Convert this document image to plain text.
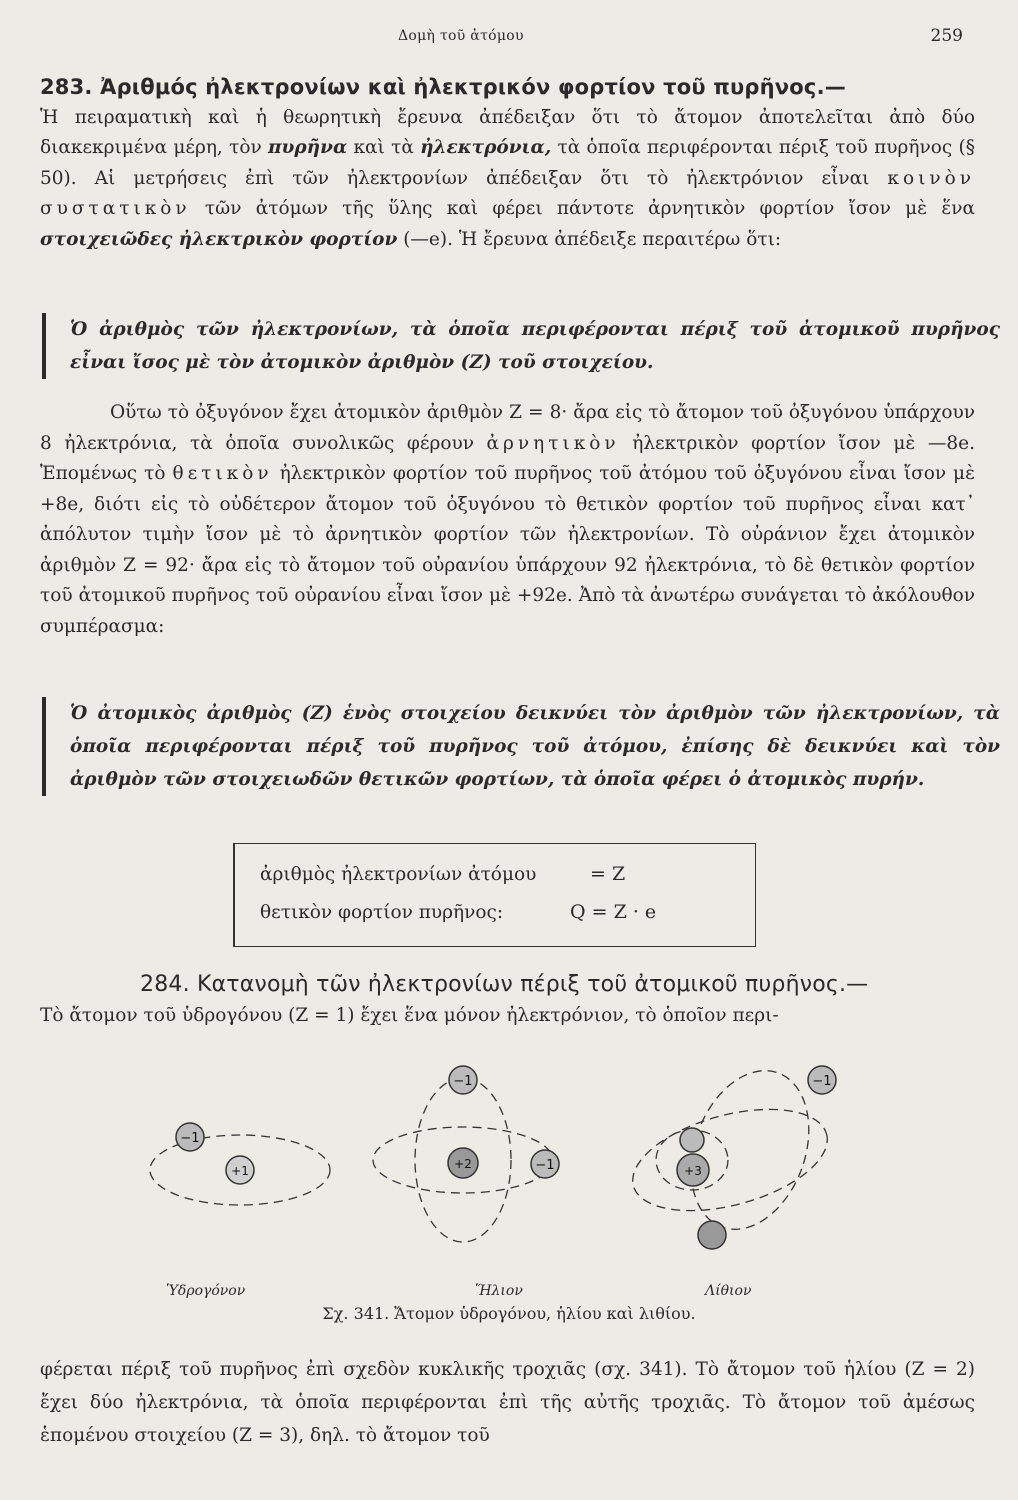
Δομὴ τοῦ ἀτόμου	259

283. Ἀριθμός ἠλεκτρονίων καὶ ἠλεκτρικόν φορτίον τοῦ πυρῆνος.—

Ἡ πειραματικὴ καὶ ἡ θεωρητικὴ ἔρευνα ἀπέδειξαν ὅτι τὸ ἄτομον ἀποτελεῖται ἀπὸ δύο διακεκριμένα μέρη, τὸν πυρῆνα καὶ τὰ ἠλεκτρόνια, τὰ ὁποῖα περιφέρονται πέριξ τοῦ πυρῆνος (§ 50). Αἱ μετρήσεις ἐπὶ τῶν ἠλεκτρονίων ἀπέδειξαν ὅτι τὸ ἠλεκτρόνιον εἶναι κοινὸν συστατικὸν τῶν ἀτόμων τῆς ὕλης καὶ φέρει πάντοτε ἀρνητικὸν φορτίον ἴσον μὲ ἕνα στοιχειῶδες ἠλεκτρικὸν φορτίον (—e). Ἡ ἔρευνα ἀπέδειξε περαιτέρω ὅτι:

Ὁ ἀριθμὸς τῶν ἠλεκτρονίων, τὰ ὁποῖα περιφέρονται πέριξ τοῦ ἀτομικοῦ πυρῆνος εἶναι ἴσος μὲ τὸν ἀτομικὸν ἀριθμὸν (Z) τοῦ στοιχείου.

Οὕτω τὸ ὀξυγόνον ἔχει ἀτομικὸν ἀριθμὸν Z = 8· ἄρα εἰς τὸ ἄτομον τοῦ ὀξυγόνου ὑπάρχουν 8 ἠλεκτρόνια, τὰ ὁποῖα συνολικῶς φέρουν ἀρνητικὸν ἠλεκτρικὸν φορτίον ἴσον μὲ —8e. Ἑπομένως τὸ θετικὸν ἠλεκτρικὸν φορτίον τοῦ πυρῆνος τοῦ ἀτόμου τοῦ ὀξυγόνου εἶναι ἴσον μὲ +8e, διότι εἰς τὸ οὐδέτερον ἄτομον τοῦ ὀξυγόνου τὸ θετικὸν φορτίον τοῦ πυρῆνος εἶναι κατ᾽ ἀπόλυτον τιμὴν ἴσον μὲ τὸ ἀρνητικὸν φορτίον τῶν ἠλεκτρονίων. Τὸ οὐράνιον ἔχει ἀτομικὸν ἀριθμὸν Z = 92· ἄρα εἰς τὸ ἄτομον τοῦ οὐρανίου ὑπάρχουν 92 ἠλεκτρόνια, τὸ δὲ θετικὸν φορτίον τοῦ ἀτομικοῦ πυρῆνος τοῦ οὐρανίου εἶναι ἴσον μὲ +92e. Ἀπὸ τὰ ἀνωτέρω συνάγεται τὸ ἀκόλουθον συμπέρασμα:

Ὁ ἀτομικὸς ἀριθμὸς (Z) ἑνὸς στοιχείου δεικνύει τὸν ἀριθμὸν τῶν ἠλεκτρονίων, τὰ ὁποῖα περιφέρονται πέριξ τοῦ πυρῆνος τοῦ ἀτόμου, ἐπίσης δὲ δεικνύει καὶ τὸν ἀριθμὸν τῶν στοιχειωδῶν θετικῶν φορτίων, τὰ ὁποῖα φέρει ὁ ἀτομικὸς πυρήν.

ἀριθμὸς ἠλεκτρονίων ἀτόμου	= Z
θετικὸν φορτίον πυρῆνος:	Q = Z · e

284. Κατανομὴ τῶν ἠλεκτρονίων πέριξ τοῦ ἀτομικοῦ πυρῆνος.—

Τὸ ἄτομον τοῦ ὑδρογόνου (Z = 1) ἔχει ἕνα μόνον ἠλεκτρόνιον, τὸ ὁποῖον περι-

−1
+1
−1
−1
+2
−1
+3
Ὑδρογόνον	Ἥλιον	Λίθιον
Σχ. 341. Ἄτομον ὑδρογόνου, ἡλίου καὶ λιθίου.
φέρεται πέριξ τοῦ πυρῆνος ἐπὶ σχεδὸν κυκλικῆς τροχιᾶς (σχ. 341). Τὸ ἄτομον τοῦ ἡλίου (Z = 2) ἔχει δύο ἠλεκτρόνια, τὰ ὁποῖα περιφέρονται ἐπὶ τῆς αὐτῆς τροχιᾶς. Τὸ ἄτομον τοῦ ἀμέσως ἑπομένου στοιχείου (Z = 3), δηλ. τὸ ἄτομον τοῦ
